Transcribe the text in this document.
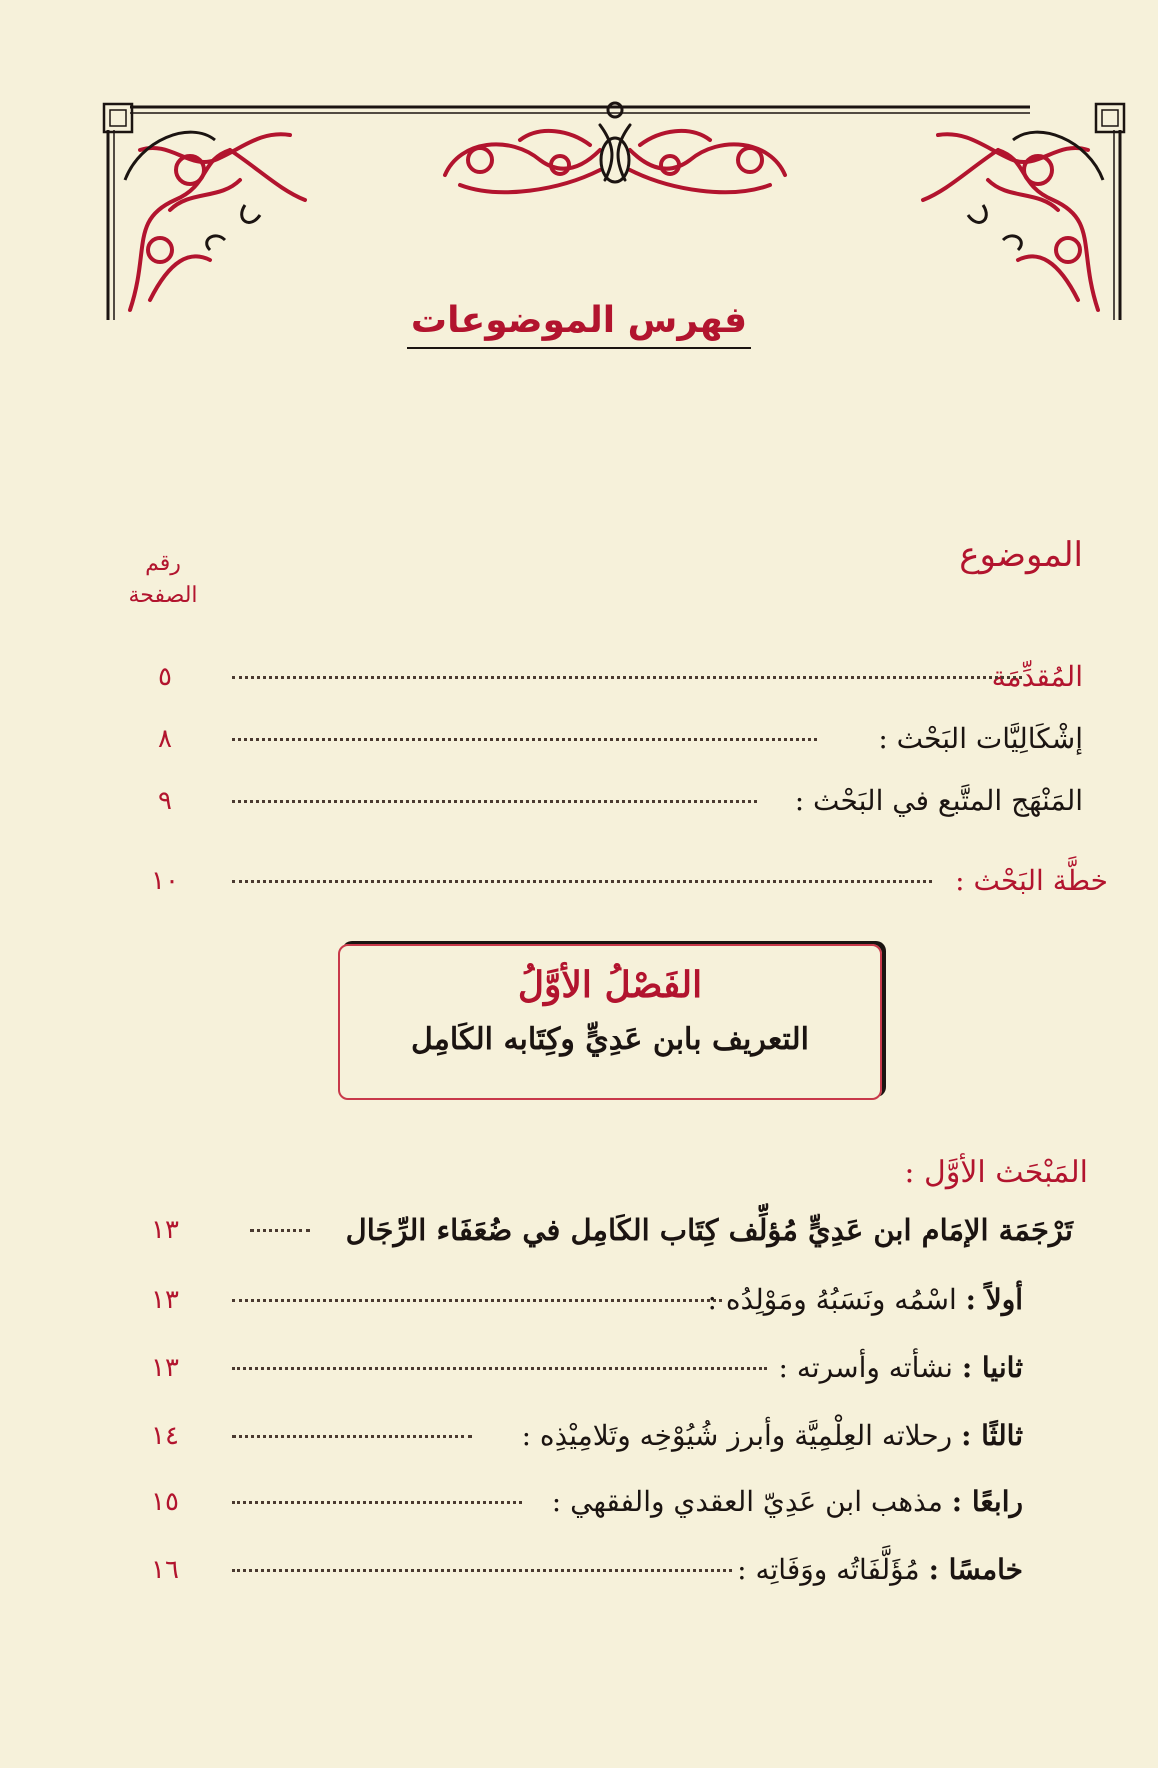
فهرس الموضوعات
الموضوع
رقم
الصفحة
المُقدِّمَة
٥
إشْكَالِيَّات البَحْث :
٨
المَنْهَج المتَّبع في البَحْث :
٩
خطَّة البَحْث :
١٠
الفَصْلُ الأوَّلُ
التعريف بابن عَدِيٍّ وكِتَابه الكَامِل
المَبْحَث الأوَّل :
تَرْجَمَة الإمَام ابن عَدِيٍّ مُؤلِّف كِتَاب الكَامِل في ضُعَفَاء الرِّجَال
١٣
أولاً : اسْمُه ونَسَبُهُ ومَوْلِدُه :
١٣
ثانيا : نشأته وأسرته :
١٣
ثالثًا : رحلاته العِلْمِيَّة وأبرز شُيُوْخِه وتَلامِيْذِه :
١٤
رابعًا : مذهب ابن عَدِيّ العقدي والفقهي :
١٥
خامسًا : مُؤَلَّفَاتُه ووَفَاتِه :
١٦
